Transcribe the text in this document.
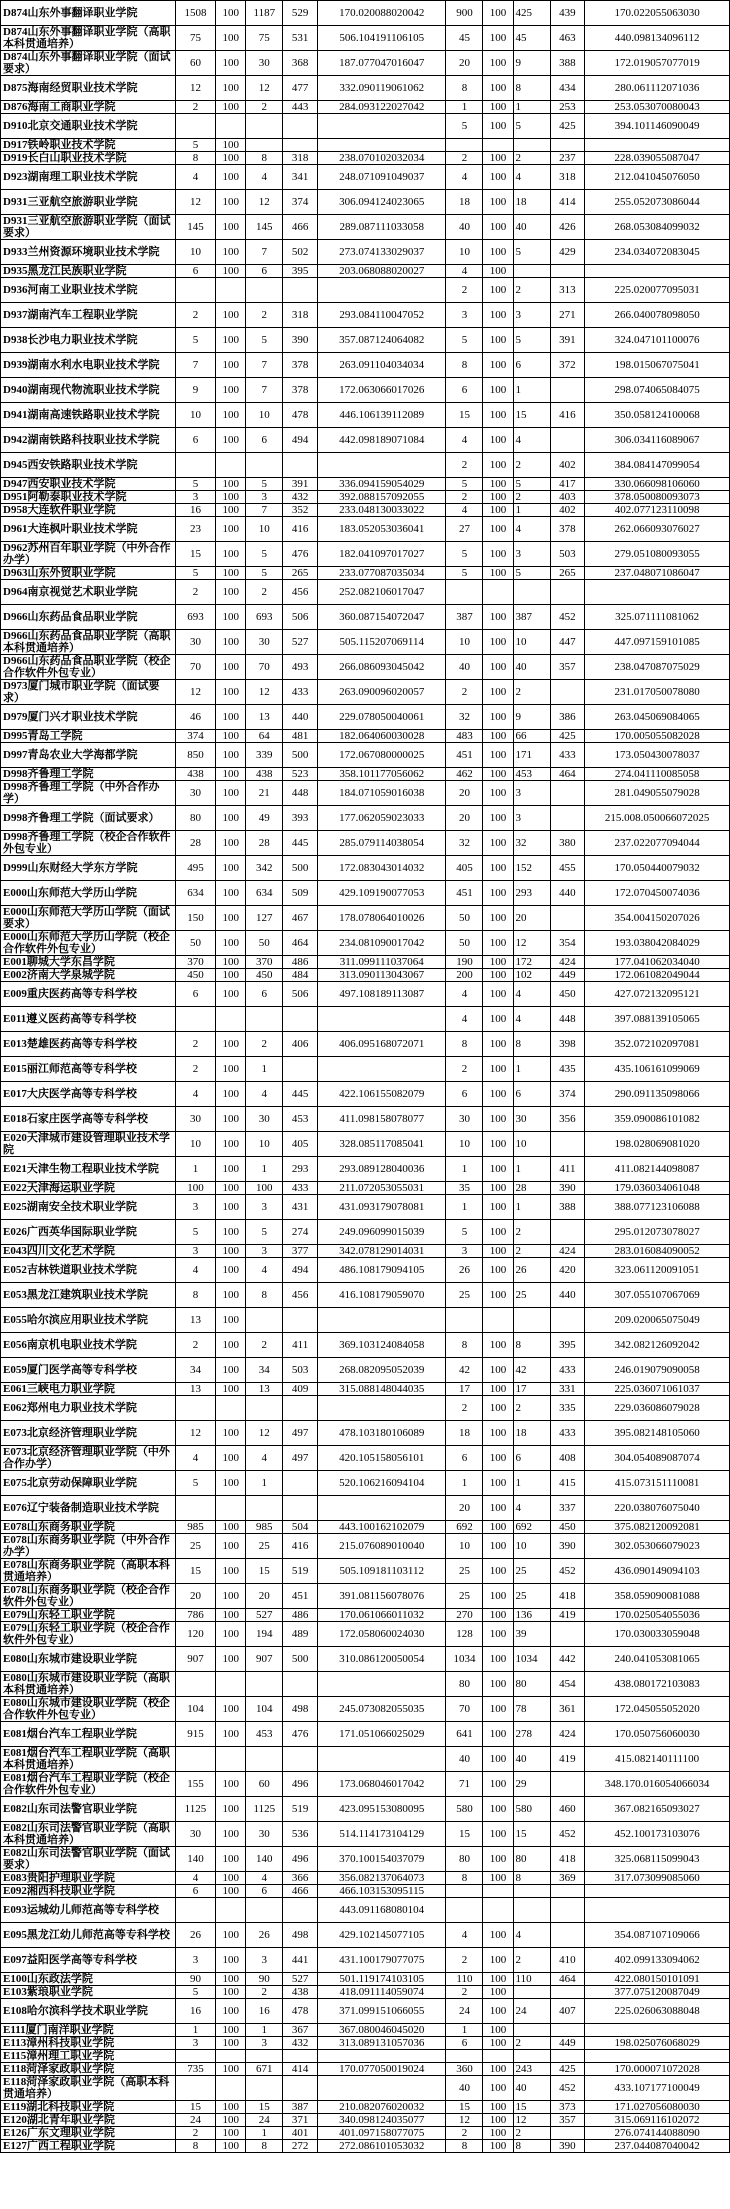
D874山东外事翻译职业学院	1508	100	1187	529	170.020088020042	900	100	425	439	170.022055063030
D874山东外事翻译职业学院（高职本科贯通培养）	75	100	75	531	506.104191106105	45	100	45	463	440.098134096112
D874山东外事翻译职业学院（面试要求）	60	100	30	368	187.077047016047	20	100	9	388	172.019057077019
D875海南经贸职业技术学院	12	100	12	477	332.090119061062	8	100	8	434	280.061112071036
D876海南工商职业学院	2	100	2	443	284.093122027042	1	100	1	253	253.053070080043
D910北京交通职业技术学院						5	100	5	425	394.101146090049
D917铁岭职业技术学院	5	100								
D919长白山职业技术学院	8	100	8	318	238.070102032034	2	100	2	237	228.039055087047
D923湖南理工职业技术学院	4	100	4	341	248.071091049037	4	100	4	318	212.041045076050
D931三亚航空旅游职业学院	12	100	12	374	306.094124023065	18	100	18	414	255.052073086044
D931三亚航空旅游职业学院（面试要求）	145	100	145	466	289.087111033058	40	100	40	426	268.053084099032
D933兰州资源环境职业技术学院	10	100	7	502	273.074133029037	10	100	5	429	234.034072083045
D935黑龙江民族职业学院	6	100	6	395	203.068088020027	4	100			
D936河南工业职业技术学院						2	100	2	313	225.020077095031
D937湖南汽车工程职业学院	2	100	2	318	293.084110047052	3	100	3	271	266.040078098050
D938长沙电力职业技术学院	5	100	5	390	357.087124064082	5	100	5	391	324.047101100076
D939湖南水利水电职业技术学院	7	100	7	378	263.091104034034	8	100	6	372	198.015067075041
D940湖南现代物流职业技术学院	9	100	7	378	172.063066017026	6	100	1		298.074065084075
D941湖南高速铁路职业技术学院	10	100	10	478	446.106139112089	15	100	15	416	350.058124100068
D942湖南铁路科技职业技术学院	6	100	6	494	442.098189071084	4	100	4		306.034116089067
D945西安铁路职业技术学院						2	100	2	402	384.084147099054
D947西安职业技术学院	5	100	5	391	336.094159054029	5	100	5	417	330.066098106060
D951阿勒泰职业技术学院	3	100	3	432	392.088157092055	2	100	2	403	378.050080093073
D958大连软件职业学院	16	100	7	352	233.048130033022	4	100	1	402	402.077123110098
D961大连枫叶职业技术学院	23	100	10	416	183.052053036041	27	100	4	378	262.066093076027
D962苏州百年职业学院（中外合作办学）	15	100	5	476	182.041097017027	5	100	3	503	279.051080093055
D963山东外贸职业学院	5	100	5	265	233.077087035034	5	100	5	265	237.048071086047
D964南京视觉艺术职业学院	2	100	2	456	252.082106017047					
D966山东药品食品职业学院	693	100	693	506	360.087154072047	387	100	387	452	325.071111081062
D966山东药品食品职业学院（高职本科贯通培养）	30	100	30	527	505.115207069114	10	100	10	447	447.097159101085
D966山东药品食品职业学院（校企合作软件外包专业）	70	100	70	493	266.086093045042	40	100	40	357	238.047087075029
D973厦门城市职业学院（面试要求）	12	100	12	433	263.090096020057	2	100	2		231.017050078080
D979厦门兴才职业技术学院	46	100	13	440	229.078050040061	32	100	9	386	263.045069084065
D995青岛工学院	374	100	64	481	182.064060030028	483	100	66	425	170.005055082028
D997青岛农业大学海都学院	850	100	339	500	172.067080000025	451	100	171	433	173.050430078037
D998齐鲁理工学院	438	100	438	523	358.101177056062	462	100	453	464	274.041110085058
D998齐鲁理工学院（中外合作办学）	30	100	21	448	184.071059016038	20	100	3		281.049055079028
D998齐鲁理工学院（面试要求）	80	100	49	393	177.062059023033	20	100	3		215.008.050066072025
D998齐鲁理工学院（校企合作软件外包专业）	28	100	28	445	285.079114038054	32	100	32	380	237.022077094044
D999山东财经大学东方学院	495	100	342	500	172.083043014032	405	100	152	455	170.050440079032
E000山东师范大学历山学院	634	100	634	509	429.109190077053	451	100	293	440	172.070450074036
E000山东师范大学历山学院（面试要求）	150	100	127	467	178.078064010026	50	100	20		354.004150207026
E000山东师范大学历山学院（校企合作软件外包专业）	50	100	50	464	234.081090017042	50	100	12	354	193.038042084029
E001聊城大学东昌学院	370	100	370	486	311.099111037064	190	100	172	424	177.041062034040
E002济南大学泉城学院	450	100	450	484	313.090113043067	200	100	102	449	172.061082049044
E009重庆医药高等专科学校	6	100	6	506	497.108189113087	4	100	4	450	427.072132095121
E011遵义医药高等专科学校						4	100	4	448	397.088139105065
E013楚雄医药高等专科学校	2	100	2	406	406.095168072071	8	100	8	398	352.072102097081
E015丽江师范高等专科学校	2	100	1			2	100	1	435	435.106161099069
E017大庆医学高等专科学校	4	100	4	445	422.106155082079	6	100	6	374	290.091135098066
E018石家庄医学高等专科学校	30	100	30	453	411.098158078077	30	100	30	356	359.090086101082
E020天津城市建设管理职业技术学院	10	100	10	405	328.085117085041	10	100	10		198.028069081020
E021天津生物工程职业技术学院	1	100	1	293	293.089128040036	1	100	1	411	411.082144098087
E022天津海运职业学院	100	100	100	433	211.072053055031	35	100	28	390	179.036034061048
E025湖南安全技术职业学院	3	100	3	431	431.093179078081	1	100	1	388	388.077123106088
E026广西英华国际职业学院	5	100	5	274	249.096099015039	5	100	2		295.012073078027
E043四川文化艺术学院	3	100	3	377	342.078129014031	3	100	2	424	283.016084090052
E052吉林铁道职业技术学院	4	100	4	494	486.108179094105	26	100	26	420	323.061120091051
E053黑龙江建筑职业技术学院	8	100	8	456	416.108179059070	25	100	25	440	307.055107067069
E055哈尔滨应用职业技术学院	13	100								209.020065075049
E056南京机电职业技术学院	2	100	2	411	369.103124084058	8	100	8	395	342.082126092042
E059厦门医学高等专科学校	34	100	34	503	268.082095052039	42	100	42	433	246.019079090058
E061三峡电力职业学院	13	100	13	409	315.088148044035	17	100	17	331	225.036071061037
E062郑州电力职业技术学院						2	100	2	335	229.036086079028
E073北京经济管理职业学院	12	100	12	497	478.103180106089	18	100	18	433	395.082148105060
E073北京经济管理职业学院（中外合作办学）	4	100	4	497	420.105158056101	6	100	6	408	304.054089087074
E075北京劳动保障职业学院	5	100	1		520.106216094104	1	100	1	415	415.073151110081
E076辽宁装备制造职业技术学院						20	100	4	337	220.038076075040
E078山东商务职业学院	985	100	985	504	443.100162102079	692	100	692	450	375.082120092081
E078山东商务职业学院（中外合作办学）	25	100	25	416	215.076089010040	10	100	10	390	302.053066079023
E078山东商务职业学院（高职本科贯通培养）	15	100	15	519	505.109181103112	25	100	25	452	436.090149094103
E078山东商务职业学院（校企合作软件外包专业）	20	100	20	451	391.081156078076	25	100	25	418	358.059090081088
E079山东轻工职业学院	786	100	527	486	170.061066011032	270	100	136	419	170.025054055036
E079山东轻工职业学院（校企合作软件外包专业）	120	100	194	489	172.058060024030	128	100	39		170.030033059048
E080山东城市建设职业学院	907	100	907	500	310.086120050054	1034	100	1034	442	240.041053081065
E080山东城市建设职业学院（高职本科贯通培养）						80	100	80	454	438.080172103083
E080山东城市建设职业学院（校企合作软件外包专业）	104	100	104	498	245.073082055035	70	100	78	361	172.045055052020
E081烟台汽车工程职业学院	915	100	453	476	171.051066025029	641	100	278	424	170.050756060030
E081烟台汽车工程职业学院（高职本科贯通培养）						40	100	40	419	415.082140111100
E081烟台汽车工程职业学院（校企合作软件外包专业）	155	100	60	496	173.068046017042	71	100	29		348.170.016054066034
E082山东司法警官职业学院	1125	100	1125	519	423.095153080095	580	100	580	460	367.082165093027
E082山东司法警官职业学院（高职本科贯通培养）	30	100	30	536	514.114173104129	15	100	15	452	452.100173103076
E082山东司法警官职业学院（面试要求）	140	100	140	496	370.100154037079	80	100	80	418	325.068115099043
E083贵阳护理职业学院	4	100	4	366	356.082137064073	8	100	8	369	317.073099085060
E092湘西科技职业学院	6	100	6	466	466.103153095115					
E093运城幼儿师范高等专科学校					443.091168080104					
E095黑龙江幼儿师范高等专科学校	26	100	26	498	429.102145077105	4	100	4		354.087107109066
E097益阳医学高等专科学校	3	100	3	441	431.100179077075	2	100	2	410	402.099133094062
E100山东政法学院	90	100	90	527	501.119174103105	110	100	110	464	422.080150101091
E103紫琅职业学院	5	100	2	438	418.091114059074	2	100			377.075120087049
E108哈尔滨科学技术职业学院	16	100	16	478	371.099151066055	24	100	24	407	225.026063088048
E111厦门南洋职业学院	1	100	1	367	367.080046045020	1	100			
E113漳州科技职业学院	3	100	3	432	313.089131057036	6	100	2	449	198.025076068029
E115漳州理工职业学院										
E118菏泽家政职业学院	735	100	671	414	170.077050019024	360	100	243	425	170.000071072028
E118菏泽家政职业学院（高职本科贯通培养）						40	100	40	452	433.107177100049
E119湖北科技职业学院	15	100	15	387	210.082076020032	15	100	15	373	171.027056080030
E120湖北青年职业学院	24	100	24	371	340.098124035077	12	100	12	357	315.069116102072
E126广东文理职业学院	2	100	1	401	401.097158077075	2	100	2		276.074144088090
E127广西工程职业学院	8	100	8	272	272.086101053032	8	100	8	390	237.044087040042
